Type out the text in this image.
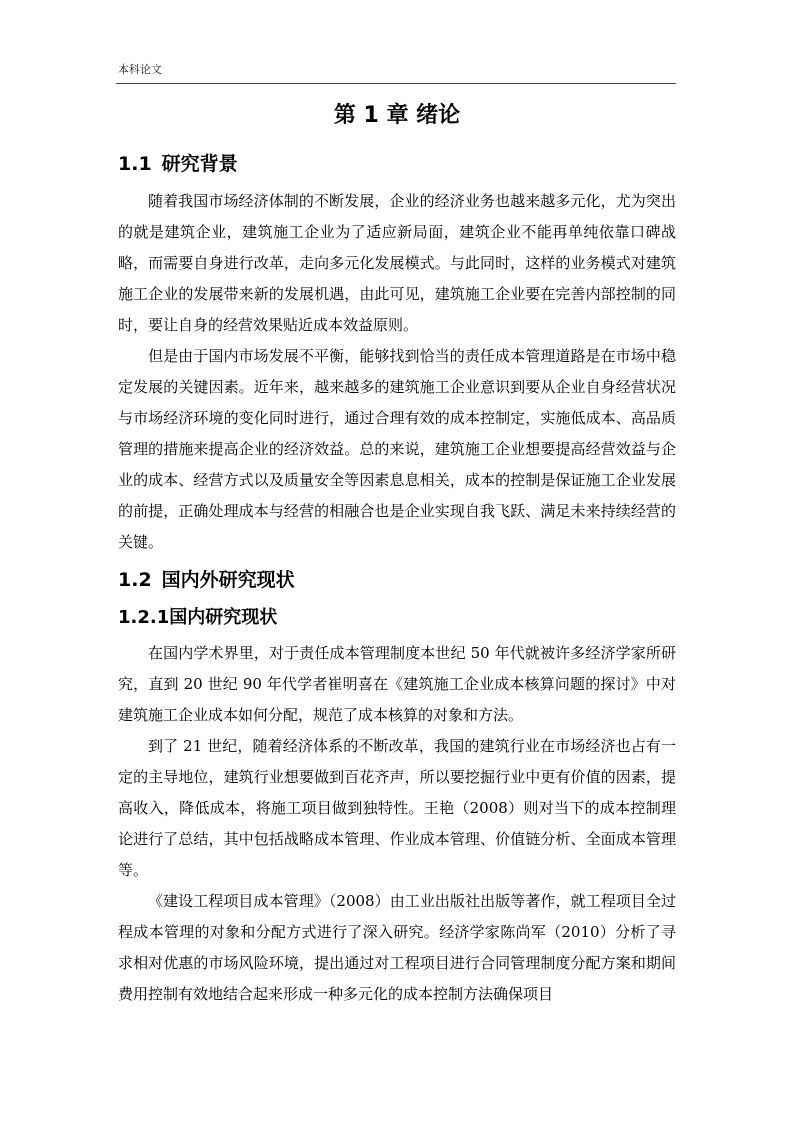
本科论文
第 1 章 绪论
1.1 研究背景

随着我国市场经济体制的不断发展，企业的经济业务也越来越多元化，尤为突出的就是建筑企业，建筑施工企业为了适应新局面，建筑企业不能再单纯依靠口碑战略，而需要自身进行改革，走向多元化发展模式。与此同时，这样的业务模式对建筑施工企业的发展带来新的发展机遇，由此可见，建筑施工企业要在完善内部控制的同时，要让自身的经营效果贴近成本效益原则。

但是由于国内市场发展不平衡，能够找到恰当的责任成本管理道路是在市场中稳定发展的关键因素。近年来，越来越多的建筑施工企业意识到要从企业自身经营状况与市场经济环境的变化同时进行，通过合理有效的成本控制定，实施低成本、高品质管理的措施来提高企业的经济效益。总的来说，建筑施工企业想要提高经营效益与企业的成本、经营方式以及质量安全等因素息息相关，成本的控制是保证施工企业发展的前提，正确处理成本与经营的相融合也是企业实现自我飞跃、满足未来持续经营的关键。

1.2 国内外研究现状
1.2.1国内研究现状

在国内学术界里，对于责任成本管理制度本世纪 50 年代就被许多经济学家所研究，直到 20 世纪 90 年代学者崔明喜在《建筑施工企业成本核算问题的探讨》中对建筑施工企业成本如何分配，规范了成本核算的对象和方法。

到了 21 世纪，随着经济体系的不断改革，我国的建筑行业在市场经济也占有一定的主导地位，建筑行业想要做到百花齐声，所以要挖掘行业中更有价值的因素，提高收入，降低成本，将施工项目做到独特性。王艳（2008）则对当下的成本控制理论进行了总结，其中包括战略成本管理、作业成本管理、价值链分析、全面成本管理等。

《建设工程项目成本管理》（2008）由工业出版社出版等著作，就工程项目全过程成本管理的对象和分配方式进行了深入研究。经济学家陈尚军（2010）分析了寻求相对优惠的市场风险环境，提出通过对工程项目进行合同管理制度分配方案和期间费用控制有效地结合起来形成一种多元化的成本控制方法确保项目
